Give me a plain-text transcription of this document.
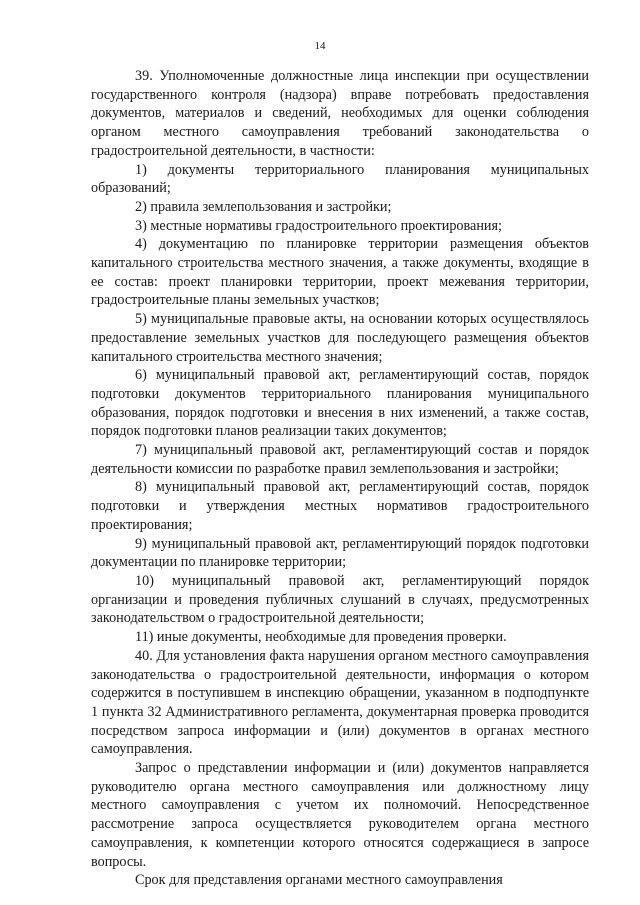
14

39. Уполномоченные должностные лица инспекции при осуществлении государственного контроля (надзора) вправе потребовать предоставления документов, материалов и сведений, необходимых для оценки соблюдения органом местного самоуправления требований законодательства о градостроительной деятельности, в частности:

1) документы территориального планирования муниципальных образований;

2) правила землепользования и застройки;

3) местные нормативы градостроительного проектирования;

4) документацию по планировке территории размещения объектов капитального строительства местного значения, а также документы, входящие в ее состав: проект планировки территории, проект межевания территории, градостроительные планы земельных участков;

5) муниципальные правовые акты, на основании которых осуществлялось предоставление земельных участков для последующего размещения объектов капитального строительства местного значения;

6) муниципальный правовой акт, регламентирующий состав, порядок подготовки документов территориального планирования муниципального образования, порядок подготовки и внесения в них изменений, а также состав, порядок подготовки планов реализации таких документов;

7) муниципальный правовой акт, регламентирующий состав и порядок деятельности комиссии по разработке правил землепользования и застройки;

8) муниципальный правовой акт, регламентирующий состав, порядок подготовки и утверждения местных нормативов градостроительного проектирования;

9) муниципальный правовой акт, регламентирующий порядок подготовки документации по планировке территории;

10) муниципальный правовой акт, регламентирующий порядок организации и проведения публичных слушаний в случаях, предусмотренных законодательством о градостроительной деятельности;

11) иные документы, необходимые для проведения проверки.

40. Для установления факта нарушения органом местного самоуправления законодательства о градостроительной деятельности, информация о котором содержится в поступившем в инспекцию обращении, указанном в подподпункте 1 пункта 32 Административного регламента, документарная проверка проводится посредством запроса информации и (или) документов в органах местного самоуправления.

Запрос о представлении информации и (или) документов направляется руководителю органа местного самоуправления или должностному лицу местного самоуправления с учетом их полномочий. Непосредственное рассмотрение запроса осуществляется руководителем органа местного самоуправления, к компетенции которого относятся содержащиеся в запросе вопросы.

Срок для представления органами местного самоуправления
